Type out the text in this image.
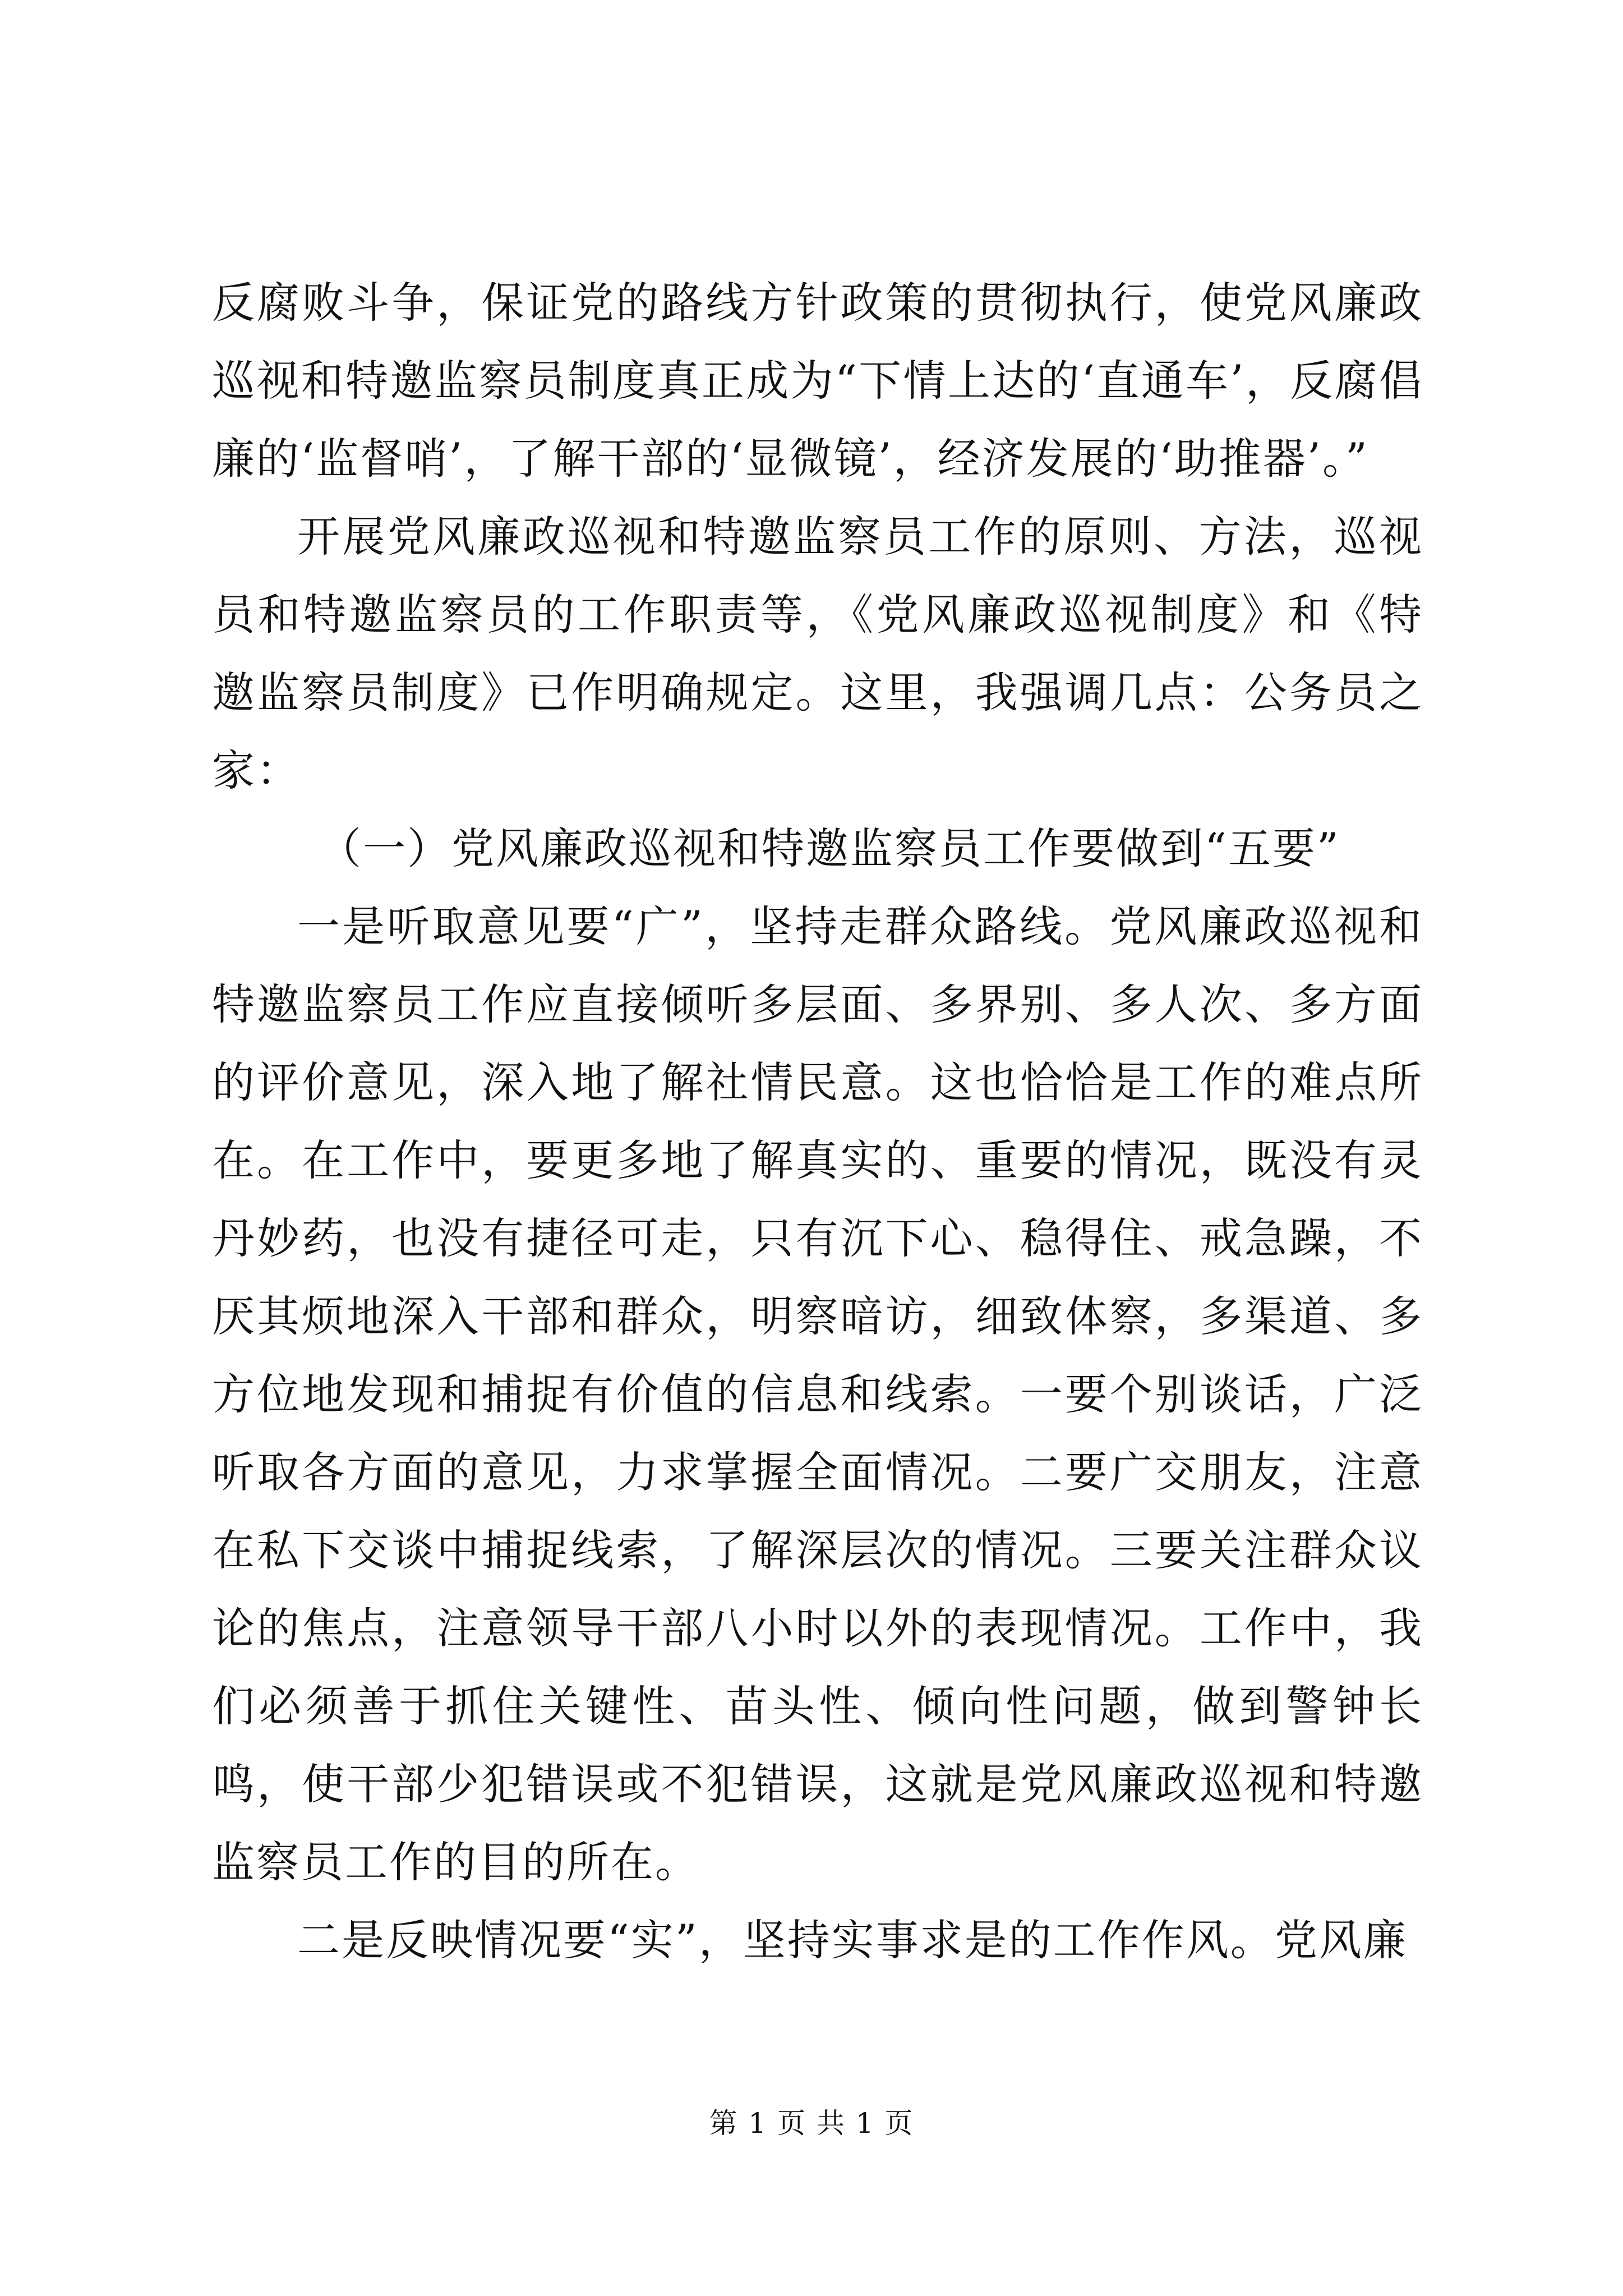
反腐败斗争，保证党的路线方针政策的贯彻执行，使党风廉政巡视和特邀监察员制度真正成为“下情上达的‘直通车’，反腐倡廉的‘监督哨’，了解干部的‘显微镜’，经济发展的‘助推器’。”

开展党风廉政巡视和特邀监察员工作的原则、方法，巡视员和特邀监察员的工作职责等，《党风廉政巡视制度》和《特邀监察员制度》已作明确规定。这里，我强调几点：公务员之家：

（一）党风廉政巡视和特邀监察员工作要做到“五要”

一是听取意见要“广”，坚持走群众路线。党风廉政巡视和特邀监察员工作应直接倾听多层面、多界别、多人次、多方面的评价意见，深入地了解社情民意。这也恰恰是工作的难点所在。在工作中，要更多地了解真实的、重要的情况，既没有灵丹妙药，也没有捷径可走，只有沉下心、稳得住、戒急躁，不厌其烦地深入干部和群众，明察暗访，细致体察，多渠道、多方位地发现和捕捉有价值的信息和线索。一要个别谈话，广泛听取各方面的意见，力求掌握全面情况。二要广交朋友，注意在私下交谈中捕捉线索，了解深层次的情况。三要关注群众议论的焦点，注意领导干部八小时以外的表现情况。工作中，我们必须善于抓住关键性、苗头性、倾向性问题，做到警钟长鸣，使干部少犯错误或不犯错误，这就是党风廉政巡视和特邀监察员工作的目的所在。

二是反映情况要“实”，坚持实事求是的工作作风。党风廉

第 1 页 共 1 页
